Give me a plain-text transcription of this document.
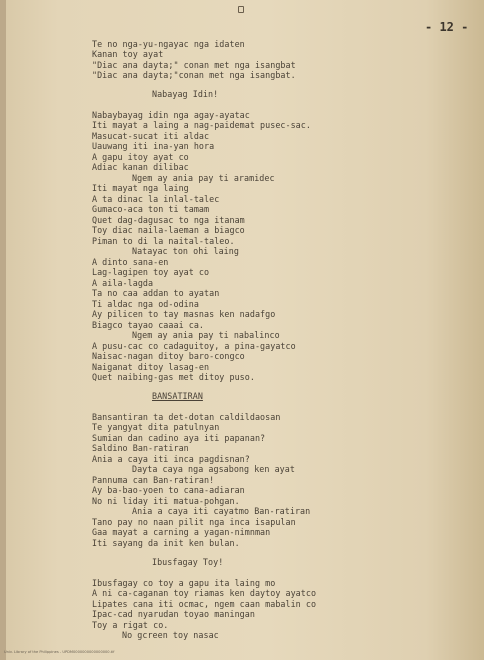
- 12 -
Te no nga-yu-ngayac nga idaten
Kanan toy ayat
"Diac ana dayta;" conan met nga isangbat
"Diac ana dayta;"conan met nga isangbat.
Nabayag Idin!
Nabaybayag idin nga agay-ayatac
Iti mayat a laing a nag-paidemat pusec-sac.
Masucat-sucat iti aldac
Uauwang iti ina-yan hora
A gapu itoy ayat co
Adiac kanan dilibac
Ngem ay ania pay ti aramidec
Iti mayat nga laing
A ta dinac la inlal-talec
Gumaco-aca ton ti tamam
Quet dag-dagusac to nga itanam
Toy diac naila-laeman a biagco
Piman to di la naital-taleo.
Natayac ton ohi laing
A dinto sana-en
Lag-lagipen toy ayat co
A aila-lagda
Ta no caa addan to ayatan
Ti aldac nga od-odina
Ay pilicen to tay masnas ken nadafgo
Biagco tayao caaai ca.
Ngem ay ania pay ti nabalinco
A pusu-cac co cadaguitoy, a pina-gayatco
Naisac-nagan ditoy baro-congco
Naiganat ditoy lasag-en
Quet naibing-gas met ditoy puso.
BANSATIRAN
Bansantiran ta det-dotan caldildaosan
Te yangyat dita patulnyan
Sumian dan cadino aya iti papanan?
Saldino Ban-ratiran
Ania a caya iti inca pagdisnan?
Dayta caya nga agsabong ken ayat
Pannuma can Ban-ratiran!
Ay ba-bao-yoen to cana-adiaran
No ni liday iti matua-pohgan.
Ania a caya iti cayatmo Ban-ratiran
Tano pay no naan pilit nga inca isapulan
Gaa mayat a carning a yagan-nimnman
Iti sayang da init ken bulan.
Ibusfagay Toy!
Ibusfagay co toy a gapu ita laing mo
A ni ca-caganan toy riamas ken daytoy ayatco
Lipates cana iti ocmac, ngem caan mabalin co
Ipac-cad nyarudan toyao maningan
Toy a rigat co.
No gcreen toy nasac
Univ. Library of the Philippines - UPDM0000000000000000.tif
